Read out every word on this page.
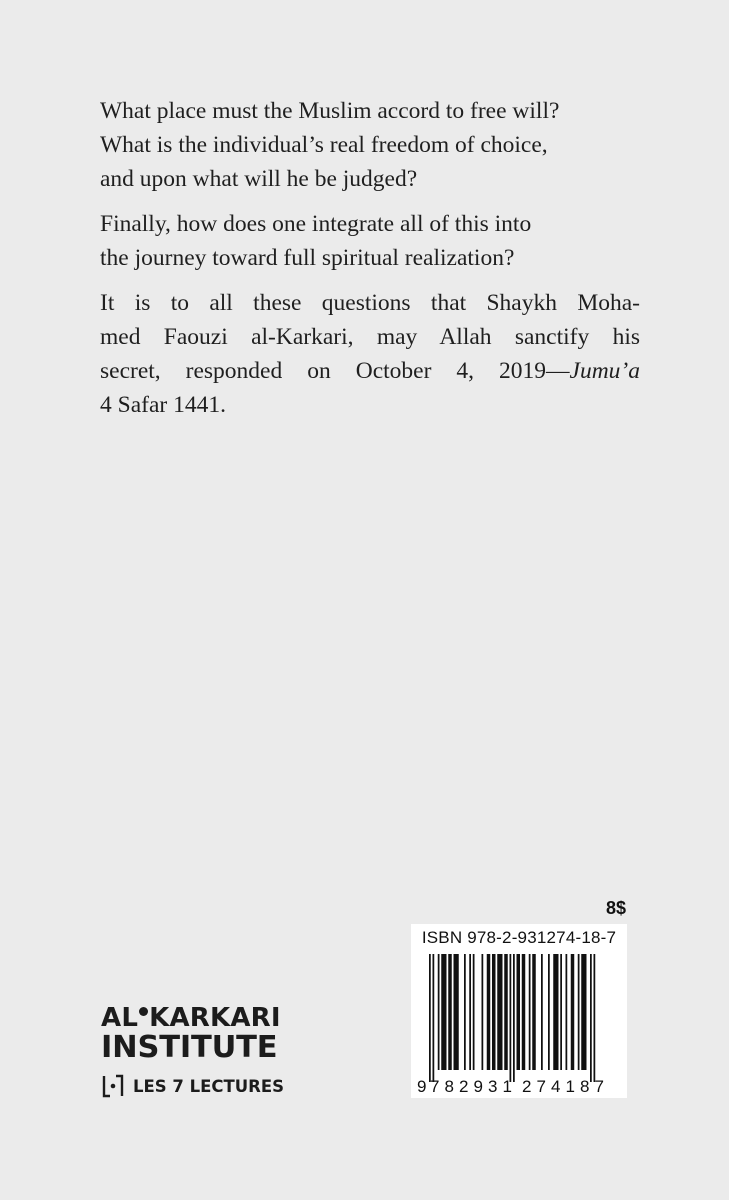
What place must the Muslim accord to free will?
What is the individual’s real freedom of choice,
and upon what will he be judged?

Finally, how does one integrate all of this into
the journey toward full spiritual realization?

It is to all these questions that Shaykh Moha-
med Faouzi al-Karkari, may Allah sanctify his
secret, responded on October 4, 2019—Jumu’a
4 Safar 1441.

8$
ISBN 978-2-931274-18-7
9 782931 274187
AL KARKARI
INSTITUTE
LES 7 LECTURES
